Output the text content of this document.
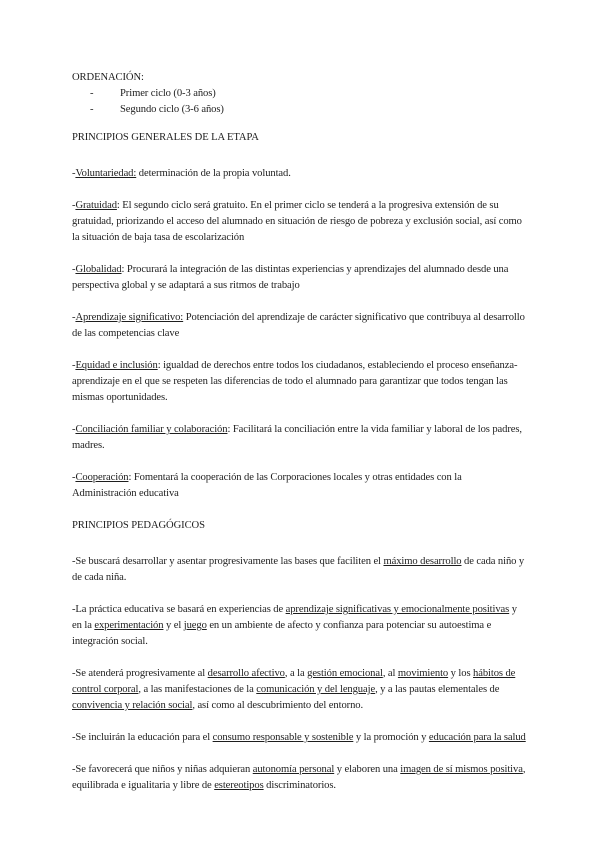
ORDENACIÓN:
-	Primer ciclo (0-3 años)
-	Segundo ciclo (3-6 años)
PRINCIPIOS GENERALES DE LA ETAPA

-Voluntariedad: determinación de la propia voluntad.

-Gratuidad: El segundo ciclo será gratuito. En el primer ciclo se tenderá a la progresiva extensión de su gratuidad, priorizando el acceso del alumnado en situación de riesgo de pobreza y exclusión social, así como la situación de baja tasa de escolarización

-Globalidad: Procurará la integración de las distintas experiencias y aprendizajes del alumnado desde una perspectiva global y se adaptará a sus ritmos de trabajo

-Aprendizaje significativo: Potenciación del aprendizaje de carácter significativo que contribuya al desarrollo de las competencias clave

-Equidad e inclusión: igualdad de derechos entre todos los ciudadanos, estableciendo el proceso enseñanza-aprendizaje en el que se respeten las diferencias de todo el alumnado para garantizar que todos tengan las mismas oportunidades.

-Conciliación familiar y colaboración: Facilitará la conciliación entre la vida familiar y laboral de los padres, madres.

-Cooperación: Fomentará la cooperación de las Corporaciones locales y otras entidades con la Administración educativa

PRINCIPIOS PEDAGÓGICOS

-Se buscará desarrollar y asentar progresivamente las bases que faciliten el máximo desarrollo de cada niño y de cada niña.

-La práctica educativa se basará en experiencias de aprendizaje significativas y emocionalmente positivas y en la experimentación y el juego en un ambiente de afecto y confianza para potenciar su autoestima e integración social.

-Se atenderá progresivamente al desarrollo afectivo, a la gestión emocional, al movimiento y los hábitos de control corporal, a las manifestaciones de la comunicación y del lenguaje, y a las pautas elementales de convivencia y relación social, así como al descubrimiento del entorno.

-Se incluirán la educación para el consumo responsable y sostenible y la promoción y educación para la salud

-Se favorecerá que niños y niñas adquieran autonomía personal y elaboren una imagen de sí mismos positiva, equilibrada e igualitaria y libre de estereotipos discriminatorios.
